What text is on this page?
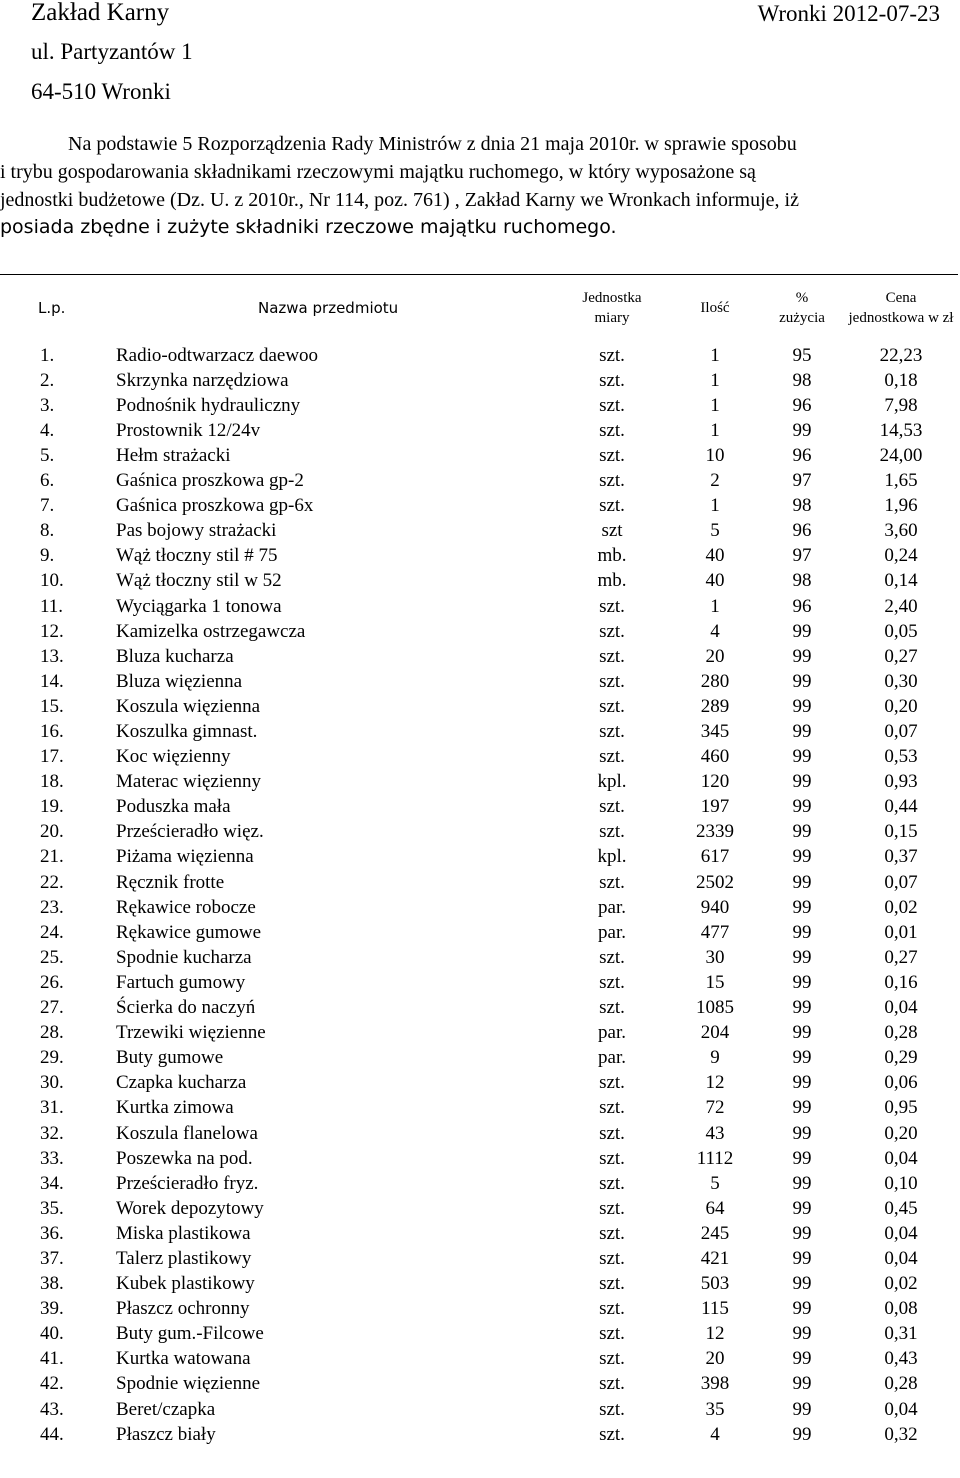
Zakład Karny	Wronki 2012-07-23
ul. Partyzantów 1
64-510 Wronki
Na podstawie 5 Rozporządzenia Rady Ministrów z dnia 21 maja 2010r. w sprawie sposobu
i trybu gospodarowania składnikami rzeczowymi majątku ruchomego, w który wyposażone są
jednostki budżetowe (Dz. U. z 2010r., Nr 114, poz. 761) , Zakład Karny we Wronkach informuje, iż
posiada zbędne i zużyte składniki rzeczowe majątku ruchomego.
L.p.	Nazwa przedmiotu	Jednostka miary	Ilość	% zużycia	Cena jednostkowa w zł
1.	Radio-odtwarzacz daewoo	szt.	1	95	22,23
2.	Skrzynka narzędziowa	szt.	1	98	0,18
3.	Podnośnik hydrauliczny	szt.	1	96	7,98
4.	Prostownik 12/24v	szt.	1	99	14,53
5.	Hełm strażacki	szt.	10	96	24,00
6.	Gaśnica proszkowa gp-2	szt.	2	97	1,65
7.	Gaśnica proszkowa gp-6x	szt.	1	98	1,96
8.	Pas bojowy strażacki	szt	5	96	3,60
9.	Wąż tłoczny stil # 75	mb.	40	97	0,24
10.	Wąż tłoczny stil w 52	mb.	40	98	0,14
11.	Wyciągarka 1 tonowa	szt.	1	96	2,40
12.	Kamizelka ostrzegawcza	szt.	4	99	0,05
13.	Bluza kucharza	szt.	20	99	0,27
14.	Bluza więzienna	szt.	280	99	0,30
15.	Koszula więzienna	szt.	289	99	0,20
16.	Koszulka gimnast.	szt.	345	99	0,07
17.	Koc więzienny	szt.	460	99	0,53
18.	Materac więzienny	kpl.	120	99	0,93
19.	Poduszka mała	szt.	197	99	0,44
20.	Prześcieradło więz.	szt.	2339	99	0,15
21.	Piżama więzienna	kpl.	617	99	0,37
22.	Ręcznik frotte	szt.	2502	99	0,07
23.	Rękawice robocze	par.	940	99	0,02
24.	Rękawice gumowe	par.	477	99	0,01
25.	Spodnie kucharza	szt.	30	99	0,27
26.	Fartuch gumowy	szt.	15	99	0,16
27.	Ścierka do naczyń	szt.	1085	99	0,04
28.	Trzewiki więzienne	par.	204	99	0,28
29.	Buty gumowe	par.	9	99	0,29
30.	Czapka kucharza	szt.	12	99	0,06
31.	Kurtka zimowa	szt.	72	99	0,95
32.	Koszula flanelowa	szt.	43	99	0,20
33.	Poszewka na pod.	szt.	1112	99	0,04
34.	Prześcieradło fryz.	szt.	5	99	0,10
35.	Worek depozytowy	szt.	64	99	0,45
36.	Miska plastikowa	szt.	245	99	0,04
37.	Talerz plastikowy	szt.	421	99	0,04
38.	Kubek plastikowy	szt.	503	99	0,02
39.	Płaszcz ochronny	szt.	115	99	0,08
40.	Buty gum.-Filcowe	szt.	12	99	0,31
41.	Kurtka watowana	szt.	20	99	0,43
42.	Spodnie więzienne	szt.	398	99	0,28
43.	Beret/czapka	szt.	35	99	0,04
44.	Płaszcz biały	szt.	4	99	0,32
